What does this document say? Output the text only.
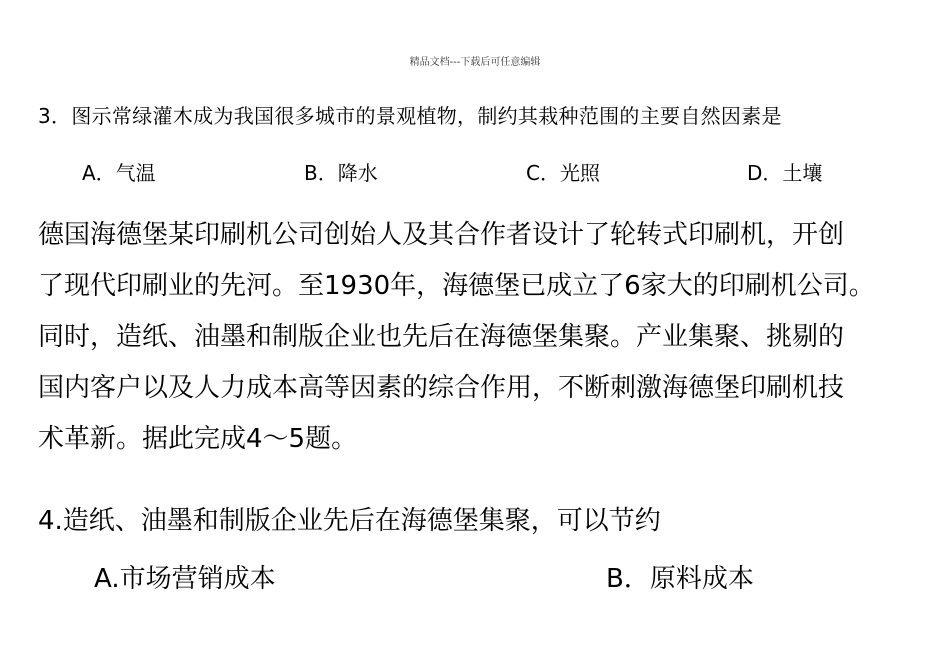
精品文档---下载后可任意编辑
3．图示常绿灌木成为我国很多城市的景观植物，制约其栽种范围的主要自然因素是
A．气温	B．降水	C．光照	D．土壤
德国海德堡某印刷机公司创始人及其合作者设计了轮转式印刷机，开创
了现代印刷业的先河。至1930年，海德堡已成立了6家大的印刷机公司。
同时，造纸、油墨和制版企业也先后在海德堡集聚。产业集聚、挑剔的
国内客户以及人力成本高等因素的综合作用，不断刺激海德堡印刷机技
术革新。据此完成4～5题。
4.造纸、油墨和制版企业先后在海德堡集聚，可以节约
A.市场营销成本	B．原料成本
